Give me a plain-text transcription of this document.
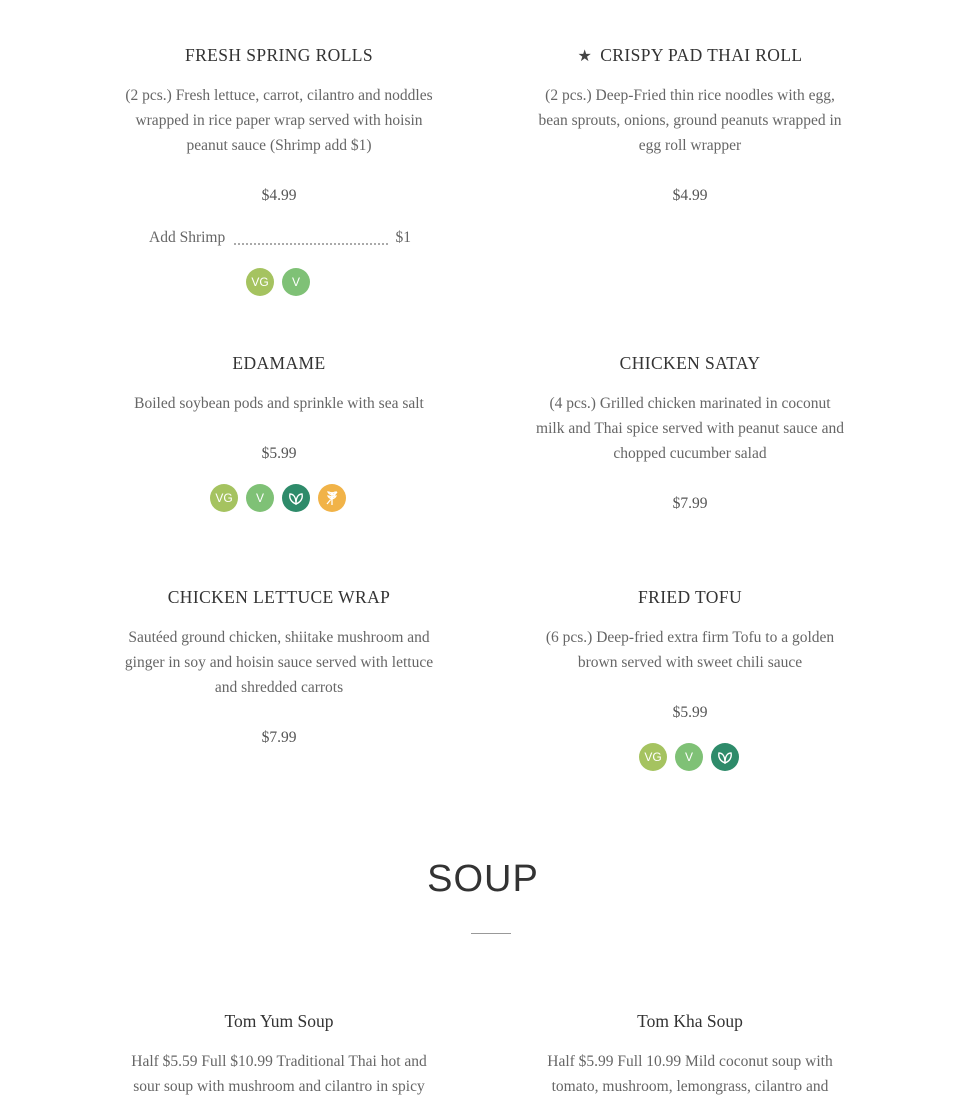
FRESH SPRING ROLLS
(2 pcs.) Fresh lettuce, carrot, cilantro and noddles wrapped in rice paper wrap served with hoisin peanut sauce (Shrimp add $1)
$4.99
Add Shrimp	$1
VG V
★ CRISPY PAD THAI ROLL
(2 pcs.) Deep-Fried thin rice noodles with egg, bean sprouts, onions, ground peanuts wrapped in egg roll wrapper
$4.99
EDAMAME
Boiled soybean pods and sprinkle with sea salt
$5.99
VG V
CHICKEN SATAY
(4 pcs.) Grilled chicken marinated in coconut milk and Thai spice served with peanut sauce and chopped cucumber salad
$7.99
CHICKEN LETTUCE WRAP
Sautéed ground chicken, shiitake mushroom and ginger in soy and hoisin sauce served with lettuce and shredded carrots
$7.99
FRIED TOFU
(6 pcs.) Deep-fried extra firm Tofu to a golden brown served with sweet chili sauce
$5.99
VG V
SOUP
Tom Yum Soup
Half $5.59 Full $10.99 Traditional Thai hot and sour soup with mushroom and cilantro in spicy
Tom Kha Soup
Half $5.99 Full 10.99 Mild coconut soup with tomato, mushroom, lemongrass, cilantro and
